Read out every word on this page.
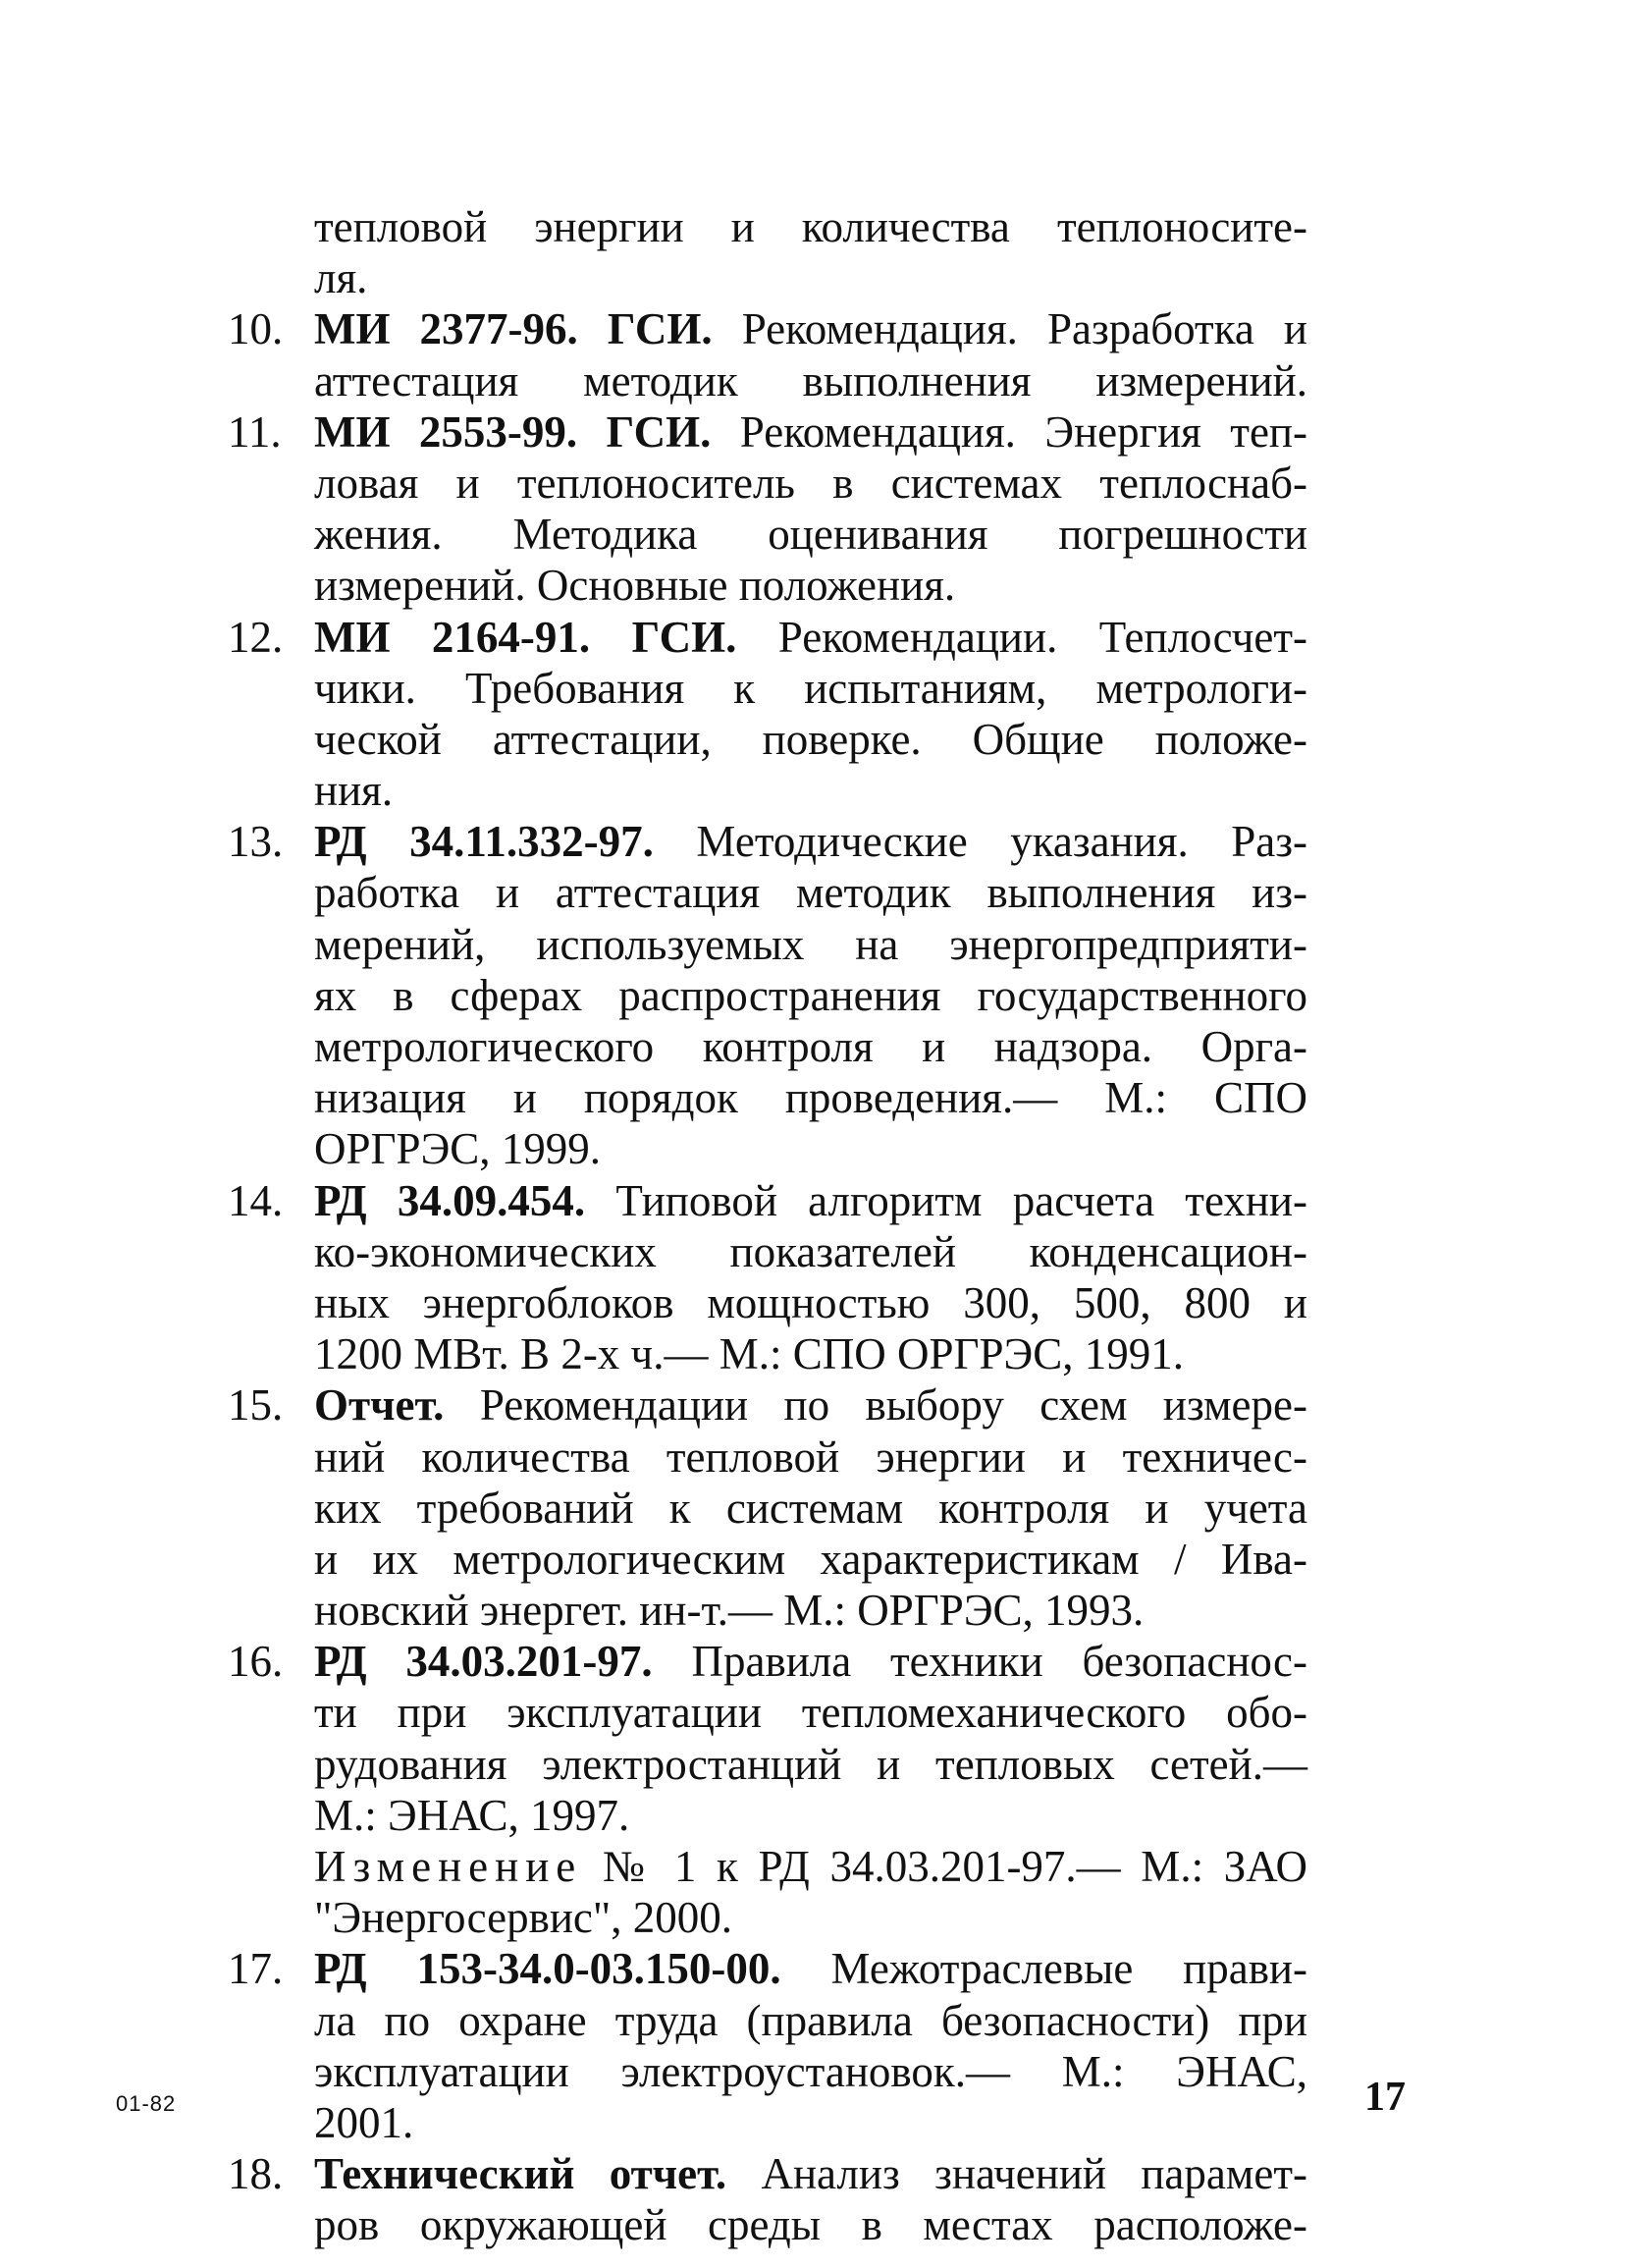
тепловой энергии и количества теплоносите-
ля.
10. МИ 2377-96. ГСИ. Рекомендация. Разработка и
аттестация методик выполнения измерений.
11. МИ 2553-99. ГСИ. Рекомендация. Энергия теп-
ловая и теплоноситель в системах теплоснаб-
жения. Методика оценивания погрешности
измерений. Основные положения.
12. МИ 2164-91. ГСИ. Рекомендации. Теплосчет-
чики. Требования к испытаниям, метрологи-
ческой аттестации, поверке. Общие положе-
ния.
13. РД 34.11.332-97. Методические указания. Раз-
работка и аттестация методик выполнения из-
мерений, используемых на энергопредприяти-
ях в сферах распространения государственного
метрологического контроля и надзора. Орга-
низация и порядок проведения.— М.: СПО
ОРГРЭС, 1999.
14. РД 34.09.454. Типовой алгоритм расчета техни-
ко-экономических показателей конденсацион-
ных энергоблоков мощностью 300, 500, 800 и
1200 МВт. В 2-х ч.— М.: СПО ОРГРЭС, 1991.
15. Отчет. Рекомендации по выбору схем измере-
ний количества тепловой энергии и техничес-
ких требований к системам контроля и учета
и их метрологическим характеристикам / Ива-
новский энергет. ин-т.— М.: ОРГРЭС, 1993.
16. РД 34.03.201-97. Правила техники безопаснос-
ти при эксплуатации тепломеханического обо-
рудования электростанций и тепловых сетей.—
М.: ЭНАС, 1997.
Изменение № 1 к РД 34.03.201-97.— М.: ЗАО
"Энергосервис", 2000.
17. РД 153-34.0-03.150-00. Межотраслевые прави-
ла по охране труда (правила безопасности) при
эксплуатации электроустановок.— М.: ЭНАС,
2001.
18. Технический отчет. Анализ значений парамет-
ров окружающей среды в местах расположе-
01-82	17
